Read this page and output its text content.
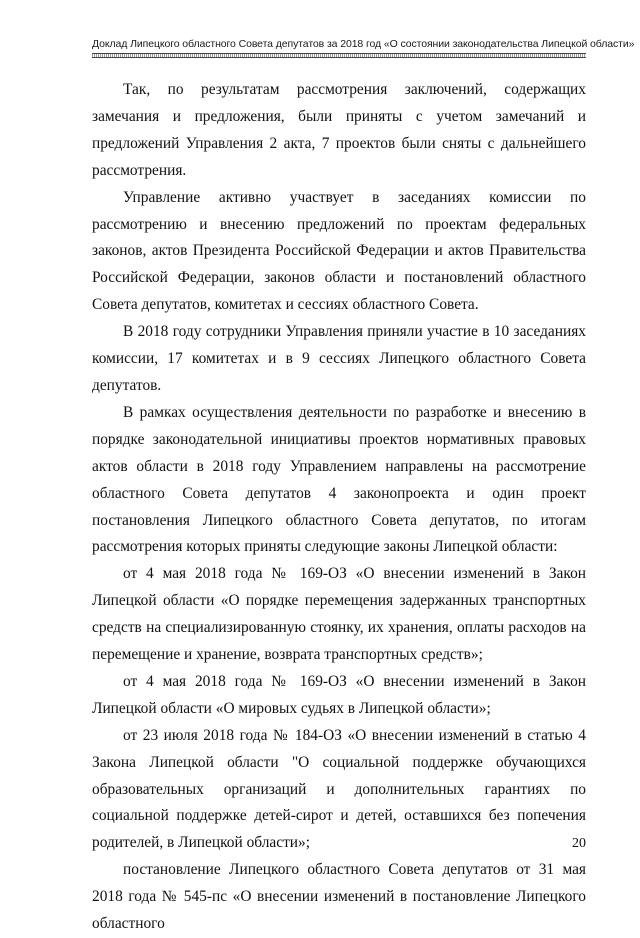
Доклад Липецкого областного Совета депутатов за 2018 год «О состоянии законодательства Липецкой области»

Так, по результатам рассмотрения заключений, содержащих замечания и предложения, были приняты с учетом замечаний и предложений Управления 2 акта, 7 проектов были сняты с дальнейшего рассмотрения.

Управление активно участвует в заседаниях комиссии по рассмотрению и внесению предложений по проектам федеральных законов, актов Президента Российской Федерации и актов Правительства Российской Федерации, законов области и постановлений областного Совета депутатов, комитетах и сессиях областного Совета.

В 2018 году сотрудники Управления приняли участие в 10 заседаниях комиссии, 17 комитетах и в 9 сессиях Липецкого областного Совета депутатов.

В рамках осуществления деятельности по разработке и внесению в порядке законодательной инициативы проектов нормативных правовых актов области в 2018 году Управлением направлены на рассмотрение областного Совета депутатов 4 законопроекта и один проект постановления Липецкого областного Совета депутатов, по итогам рассмотрения которых приняты следующие законы Липецкой области:

от 4 мая 2018 года № 169-ОЗ «О внесении изменений в Закон Липецкой области «О порядке перемещения задержанных транспортных средств на специализированную стоянку, их хранения, оплаты расходов на перемещение и хранение, возврата транспортных средств»;

от 4 мая 2018 года № 169-ОЗ «О внесении изменений в Закон Липецкой области «О мировых судьях в Липецкой области»;

от 23 июля 2018 года № 184-ОЗ «О внесении изменений в статью 4 Закона Липецкой области "О социальной поддержке обучающихся образовательных организаций и дополнительных гарантиях по социальной поддержке детей-сирот и детей, оставшихся без попечения родителей, в Липецкой области»;

постановление Липецкого областного Совета депутатов от 31 мая 2018 года № 545-пс «О внесении изменений в постановление Липецкого областного

20
